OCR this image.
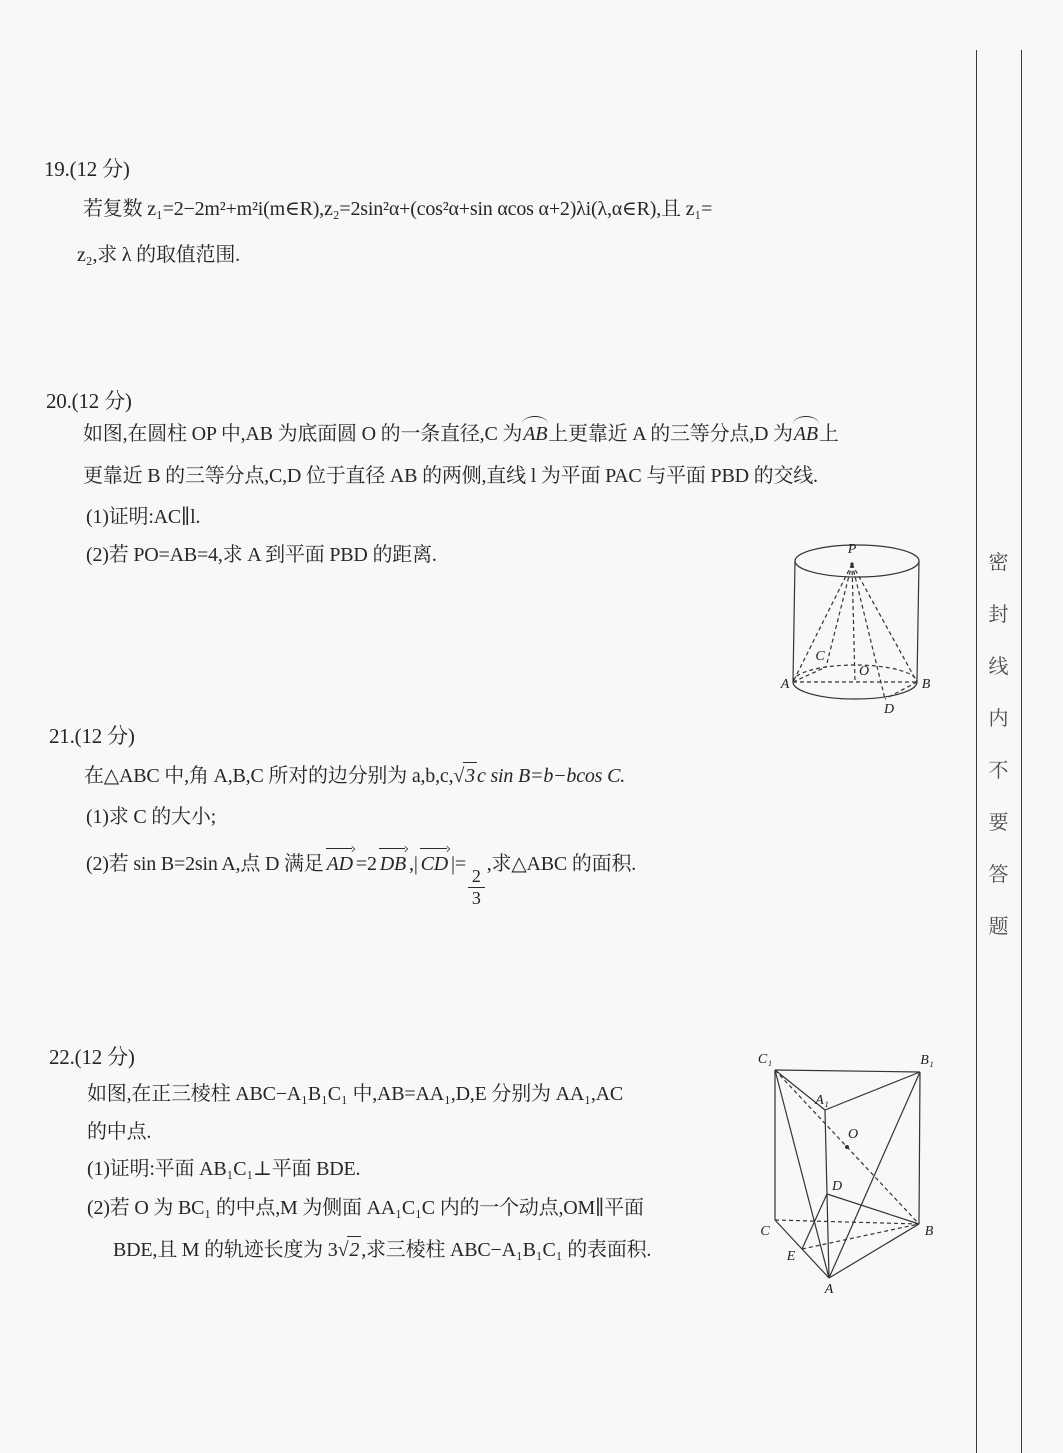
19.(12 分)
若复数 z₁=2−2m²+m²i(m∈R),z₂=2sin²α+(cos²α+sin αcos α+2)λi(λ,α∈R),且 z₁=
z₂,求 λ 的取值范围.
20.(12 分)
如图,在圆柱 OP 中,AB 为底面圆 O 的一条直径,C 为AB上更靠近 A 的三等分点,D 为AB上
更靠近 B 的三等分点,C,D 位于直径 AB 的两侧,直线 l 为平面 PAC 与平面 PBD 的交线.
(1)证明:AC∥l.
(2)若 PO=AB=4,求 A 到平面 PBD 的距离.	P
C
O
A	B
D
21.(12 分)
在△ABC 中,角 A,B,C 所对的边分别为 a,b,c,√3 c sin B=b−bcos C.
(1)求 C 的大小;
(2)若 sin B=2sin A,点 D 满足 AD =2 DB ,| CD |=
$\frac{2}{3}$
,求△ABC 的面积.
22.(12 分)
如图,在正三棱柱 ABC−A₁B₁C₁ 中,AB=AA₁,D,E 分别为 AA₁,AC
的中点.
(1)证明:平面 AB₁C₁⊥平面 BDE.
(2)若 O 为 BC₁ 的中点,M 为侧面 AA₁C₁C 内的一个动点,OM∥平面
BDE,且 M 的轨迹长度为 3√2 ,求三棱柱 ABC−A₁B₁C₁ 的表面积.
C₁	B₁
A₁
O
D
C	B
E
A
密
封
线
内
不
要
答
题
